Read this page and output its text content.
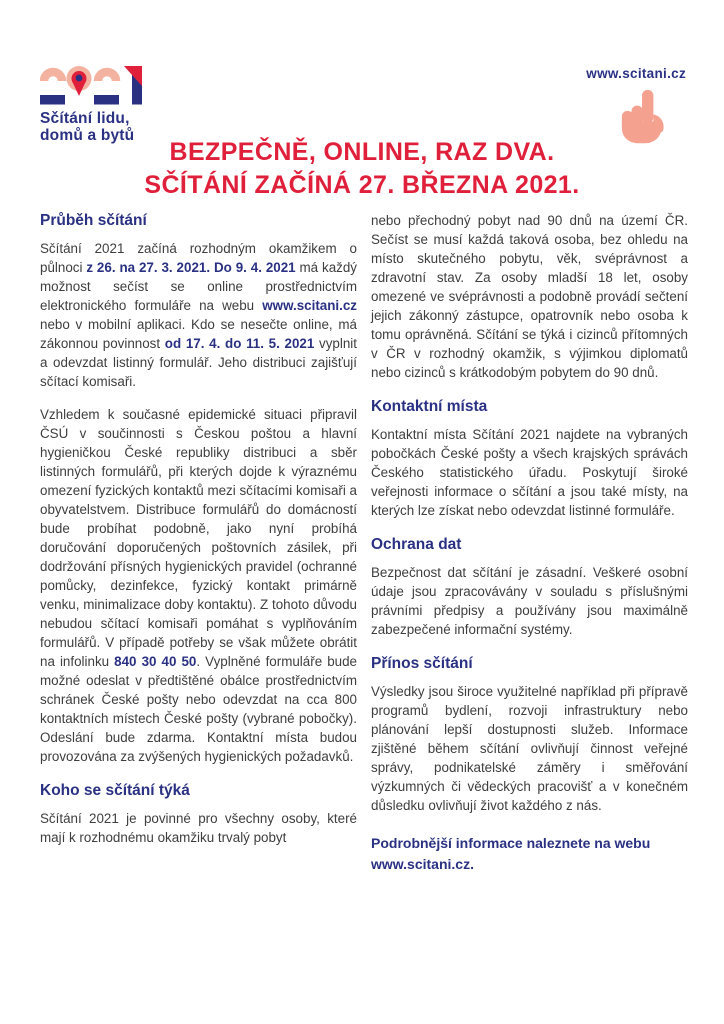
Sčítání lidu,
domů a bytů
www.scitani.cz
BEZPEČNĚ, ONLINE, RAZ DVA.
SČÍTÁNÍ ZAČÍNÁ 27. BŘEZNA 2021.
Průběh sčítání

Sčítání 2021 začíná rozhodným okamžikem o půlnoci z 26. na 27. 3. 2021. Do 9. 4. 2021 má každý možnost sečíst se online prostřednictvím elektronického formuláře na webu www.scitani.cz nebo v mobilní aplikaci. Kdo se nesečte online, má zákonnou povinnost od 17. 4. do 11. 5. 2021 vyplnit a odevzdat listinný formulář. Jeho distribuci zajišťují sčítací komisaři.

Vzhledem k současné epidemické situaci připravil ČSÚ v součinnosti s Českou poštou a hlavní hygieničkou České republiky distribuci a sběr listinných formulářů, při kterých dojde k výraznému omezení fyzických kontaktů mezi sčítacími komisaři a obyvatelstvem. Distribuce formulářů do domácností bude probíhat podobně, jako nyní probíhá doručování doporučených poštovních zásilek, při dodržování přísných hygienických pravidel (ochranné pomůcky, dezinfekce, fyzický kontakt primárně venku, minimalizace doby kontaktu). Z tohoto důvodu nebudou sčítací komisaři pomáhat s vyplňováním formulářů. V případě potřeby se však můžete obrátit na infolinku 840 30 40 50. Vyplněné formuláře bude možné odeslat v předtištěné obálce prostřednictvím schránek České pošty nebo odevzdat na cca 800 kontaktních místech České pošty (vybrané pobočky). Odeslání bude zdarma. Kontaktní místa budou provozována za zvýšených hygienických požadavků.

Koho se sčítání týká

Sčítání 2021 je povinné pro všechny osoby, které mají k rozhodnému okamžiku trvalý pobyt

nebo přechodný pobyt nad 90 dnů na území ČR. Sečíst se musí každá taková osoba, bez ohledu na místo skutečného pobytu, věk, svéprávnost a zdravotní stav. Za osoby mladší 18 let, osoby omezené ve svéprávnosti a podobně provádí sečtení jejich zákonný zástupce, opatrovník nebo osoba k tomu oprávněná. Sčítání se týká i cizinců přítomných v ČR v rozhodný okamžik, s výjimkou diplomatů nebo cizinců s krátkodobým pobytem do 90 dnů.

Kontaktní místa

Kontaktní místa Sčítání 2021 najdete na vybraných pobočkách České pošty a všech krajských správách Českého statistického úřadu. Poskytují široké veřejnosti informace o sčítání a jsou také místy, na kterých lze získat nebo odevzdat listinné formuláře.

Ochrana dat

Bezpečnost dat sčítání je zásadní. Veškeré osobní údaje jsou zpracovávány v souladu s příslušnými právními předpisy a používány jsou maximálně zabezpečené informační systémy.

Přínos sčítání

Výsledky jsou široce využitelné například při přípravě programů bydlení, rozvoji infrastruktury nebo plánování lepší dostupnosti služeb. Informace zjištěné během sčítání ovlivňují činnost veřejné správy, podnikatelské záměry i směřování výzkumných či vědeckých pracovišť a v konečném důsledku ovlivňují život každého z nás.

Podrobnější informace naleznete na webu
www.scitani.cz.
